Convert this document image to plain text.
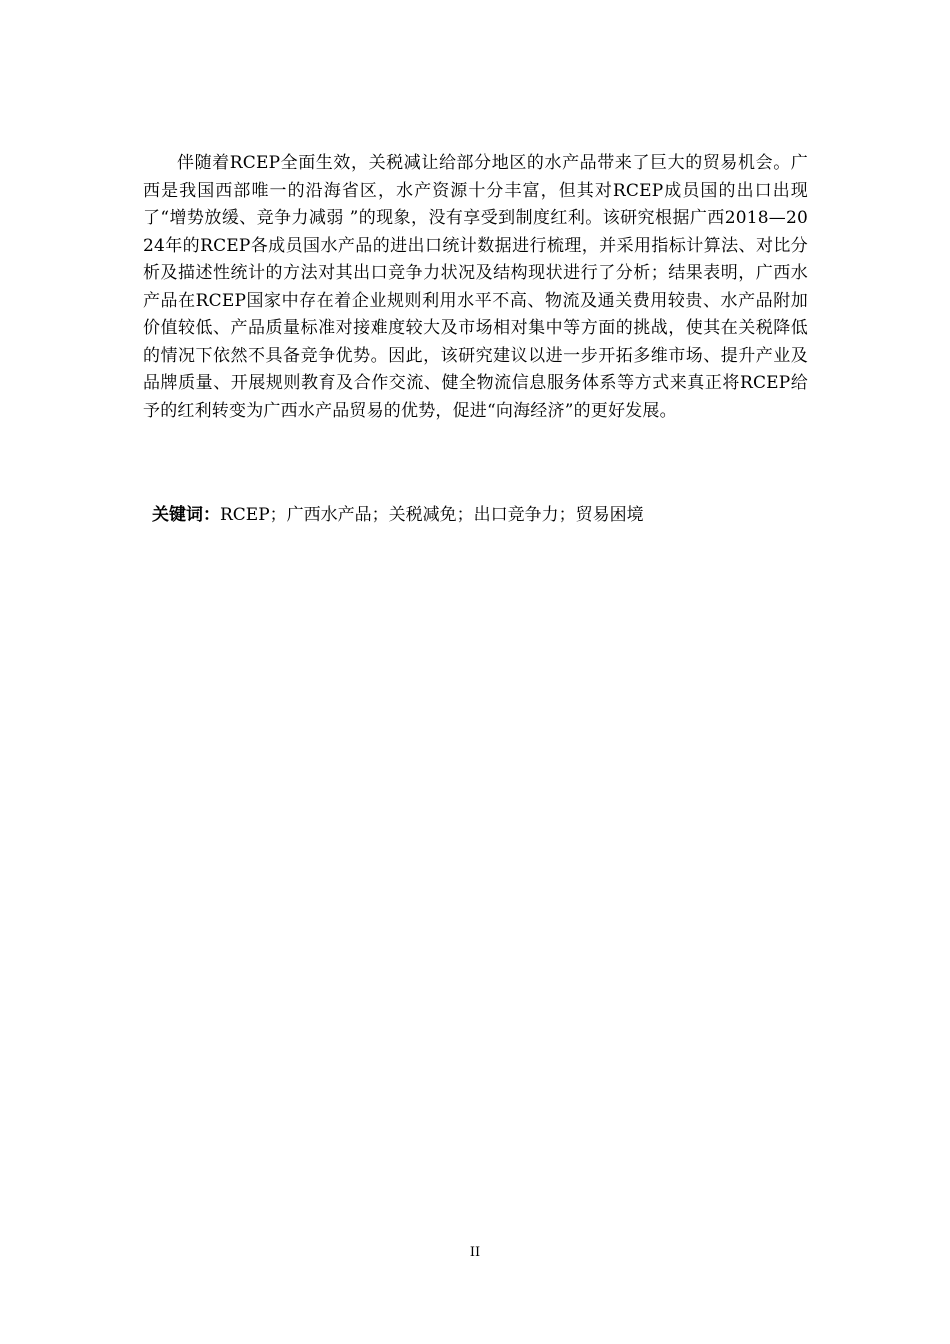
伴随着RCEP全面生效，关税减让给部分地区的水产品带来了巨大的贸易机会。广西是我国西部唯一的沿海省区，水产资源十分丰富，但其对RCEP成员国的出口出现了“增势放缓、竞争力减弱 ”的现象，没有享受到制度红利。该研究根据广西2018—2024年的RCEP各成员国水产品的进出口统计数据进行梳理，并采用指标计算法、对比分析及描述性统计的方法对其出口竞争力状况及结构现状进行了分析；结果表明，广西水产品在RCEP国家中存在着企业规则利用水平不高、物流及通关费用较贵、水产品附加价值较低、产品质量标准对接难度较大及市场相对集中等方面的挑战，使其在关税降低的情况下依然不具备竞争优势。因此，该研究建议以进一步开拓多维市场、提升产业及品牌质量、开展规则教育及合作交流、健全物流信息服务体系等方式来真正将RCEP给予的红利转变为广西水产品贸易的优势，促进“向海经济”的更好发展。

关键词：RCEP；广西水产品；关税减免；出口竞争力；贸易困境

II
